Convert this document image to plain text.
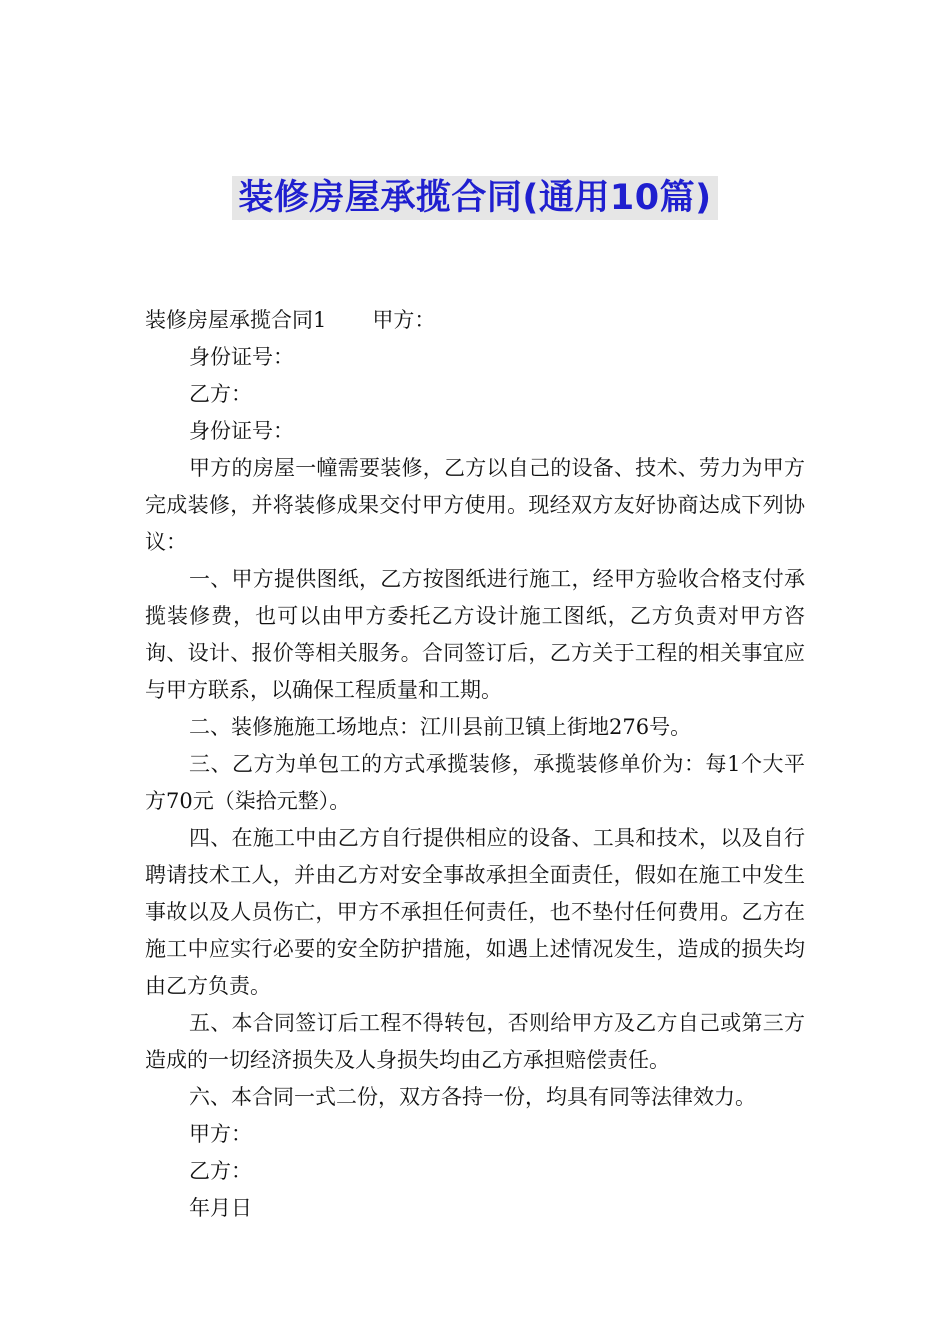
装修房屋承揽合同(通用10篇)

装修房屋承揽合同1 甲方：

身份证号：

乙方：

身份证号：

甲方的房屋一幢需要装修，乙方以自己的设备、技术、劳力为甲方完成装修，并将装修成果交付甲方使用。现经双方友好协商达成下列协议：

一、甲方提供图纸，乙方按图纸进行施工，经甲方验收合格支付承揽装修费，也可以由甲方委托乙方设计施工图纸，乙方负责对甲方咨询、设计、报价等相关服务。合同签订后，乙方关于工程的相关事宜应与甲方联系，以确保工程质量和工期。

二、装修施施工场地点：江川县前卫镇上街地276号。

三、乙方为单包工的方式承揽装修，承揽装修单价为：每1个大平方70元（柒拾元整）。

四、在施工中由乙方自行提供相应的设备、工具和技术，以及自行聘请技术工人，并由乙方对安全事故承担全面责任，假如在施工中发生事故以及人员伤亡，甲方不承担任何责任，也不垫付任何费用。乙方在施工中应实行必要的安全防护措施，如遇上述情况发生，造成的损失均由乙方负责。

五、本合同签订后工程不得转包，否则给甲方及乙方自己或第三方造成的一切经济损失及人身损失均由乙方承担赔偿责任。

六、本合同一式二份，双方各持一份，均具有同等法律效力。

甲方：

乙方：

年月日
